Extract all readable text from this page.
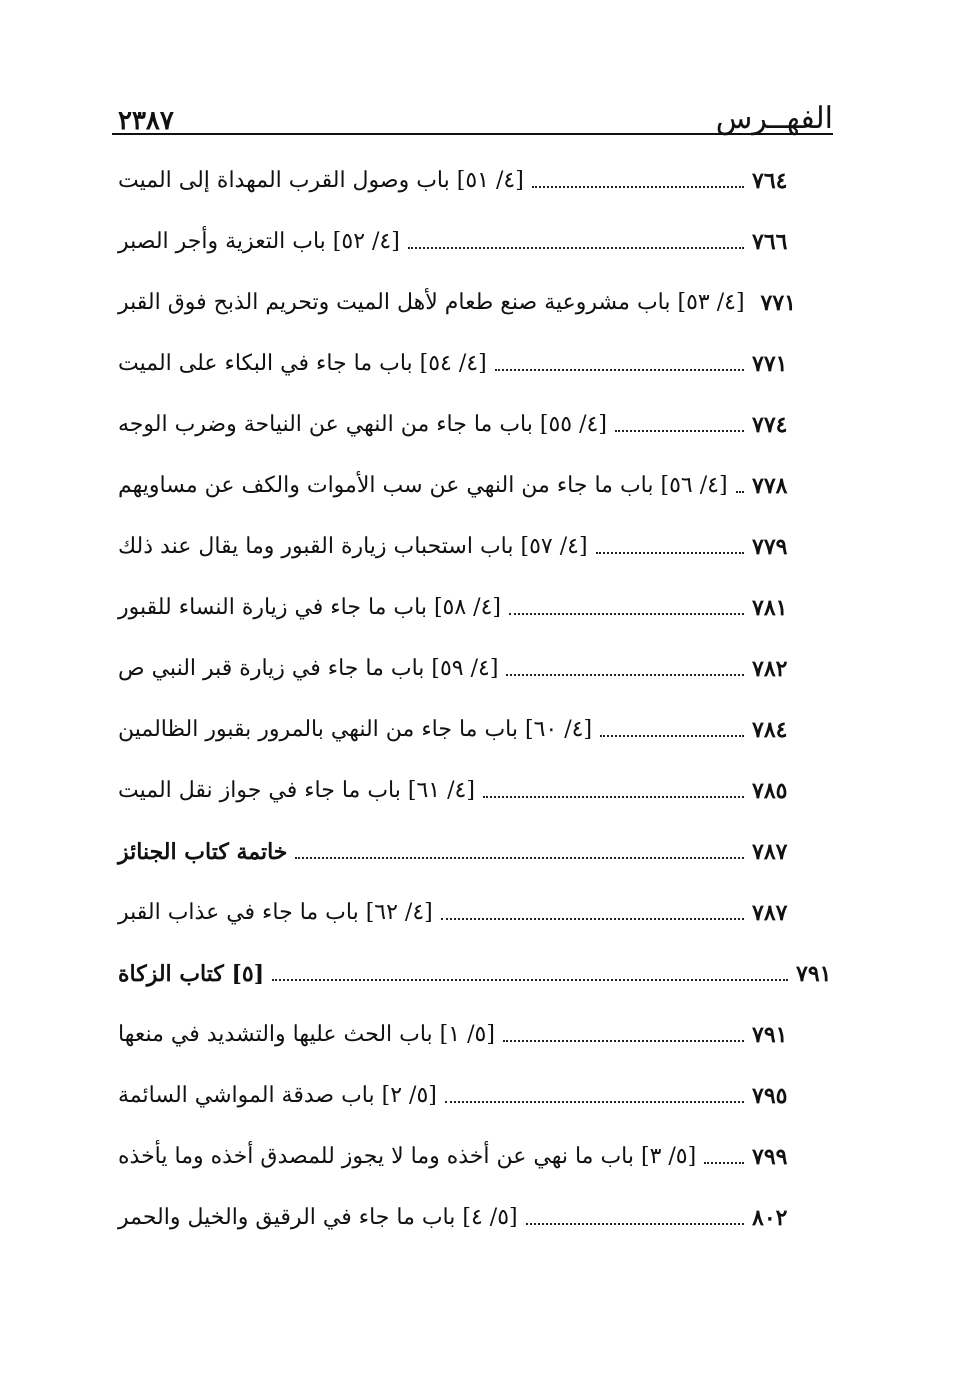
٢٣٨٧	الفهــرس
[٤/ ٥١] باب وصول القرب المهداة إلى الميت	٧٦٤
[٤/ ٥٢] باب التعزية وأجر الصبر	٧٦٦
[٤/ ٥٣] باب مشروعية صنع طعام لأهل الميت وتحريم الذبح فوق القبر ٧٧١
[٤/ ٥٤] باب ما جاء في البكاء على الميت	٧٧١
[٤/ ٥٥] باب ما جاء من النهي عن النياحة وضرب الوجه	٧٧٤
[٤/ ٥٦] باب ما جاء من النهي عن سب الأموات والكف عن مساويهم ٧٧٨
[٤/ ٥٧] باب استحباب زيارة القبور وما يقال عند ذلك	٧٧٩
[٤/ ٥٨] باب ما جاء في زيارة النساء للقبور	٧٨١
[٤/ ٥٩] باب ما جاء في زيارة قبر النبي ص	٧٨٢
[٤/ ٦٠] باب ما جاء من النهي بالمرور بقبور الظالمين	٧٨٤
[٤/ ٦١] باب ما جاء في جواز نقل الميت	٧٨٥
خاتمة كتاب الجنائز	٧٨٧
[٤/ ٦٢] باب ما جاء في عذاب القبر	٧٨٧
[٥] كتاب الزكاة	٧٩١
[٥/ ١] باب الحث عليها والتشديد في منعها	٧٩١
[٥/ ٢] باب صدقة المواشي السائمة	٧٩٥
[٥/ ٣] باب ما نهي عن أخذه وما لا يجوز للمصدق أخذه وما يأخذه	٧٩٩
[٥/ ٤] باب ما جاء في الرقيق والخيل والحمر	٨٠٢
